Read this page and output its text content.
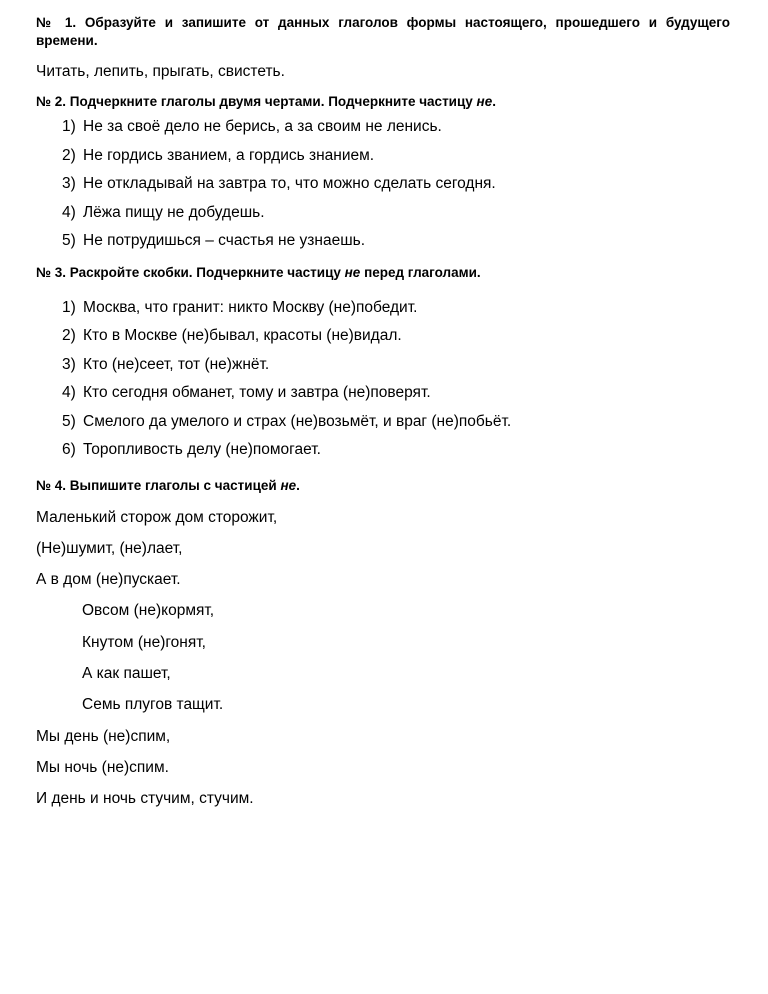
№ 1. Образуйте и запишите от данных глаголов формы настоящего, прошедшего и будущего времени.

Читать, лепить, прыгать, свистеть.

№ 2. Подчеркните глаголы двумя чертами. Подчеркните частицу не.

1) Не за своё дело не берись, а за своим не ленись.
2) Не гордись званием, а гордись знанием.
3) Не откладывай на завтра то, что можно сделать сегодня.
4) Лёжа пищу не добудешь.
5) Не потрудишься – счастья не узнаешь.

№ 3. Раскройте скобки. Подчеркните частицу не перед глаголами.

1) Москва, что гранит: никто Москву (не)победит.
2) Кто в Москве (не)бывал, красоты (не)видал.
3) Кто (не)сеет, тот (не)жнёт.
4) Кто сегодня обманет, тому и завтра (не)поверят.
5) Смелого да умелого и страх (не)возьмёт, и враг (не)побьёт.
6) Торопливость делу (не)помогает.

№ 4. Выпишите глаголы с частицей не.

Маленький сторож дом сторожит,

(Не)шумит, (не)лает,

А в дом (не)пускает.

Овсом (не)кормят,

Кнутом (не)гонят,

А как пашет,

Семь плугов тащит.

Мы день (не)спим,

Мы ночь (не)спим.

И день и ночь стучим, стучим.
